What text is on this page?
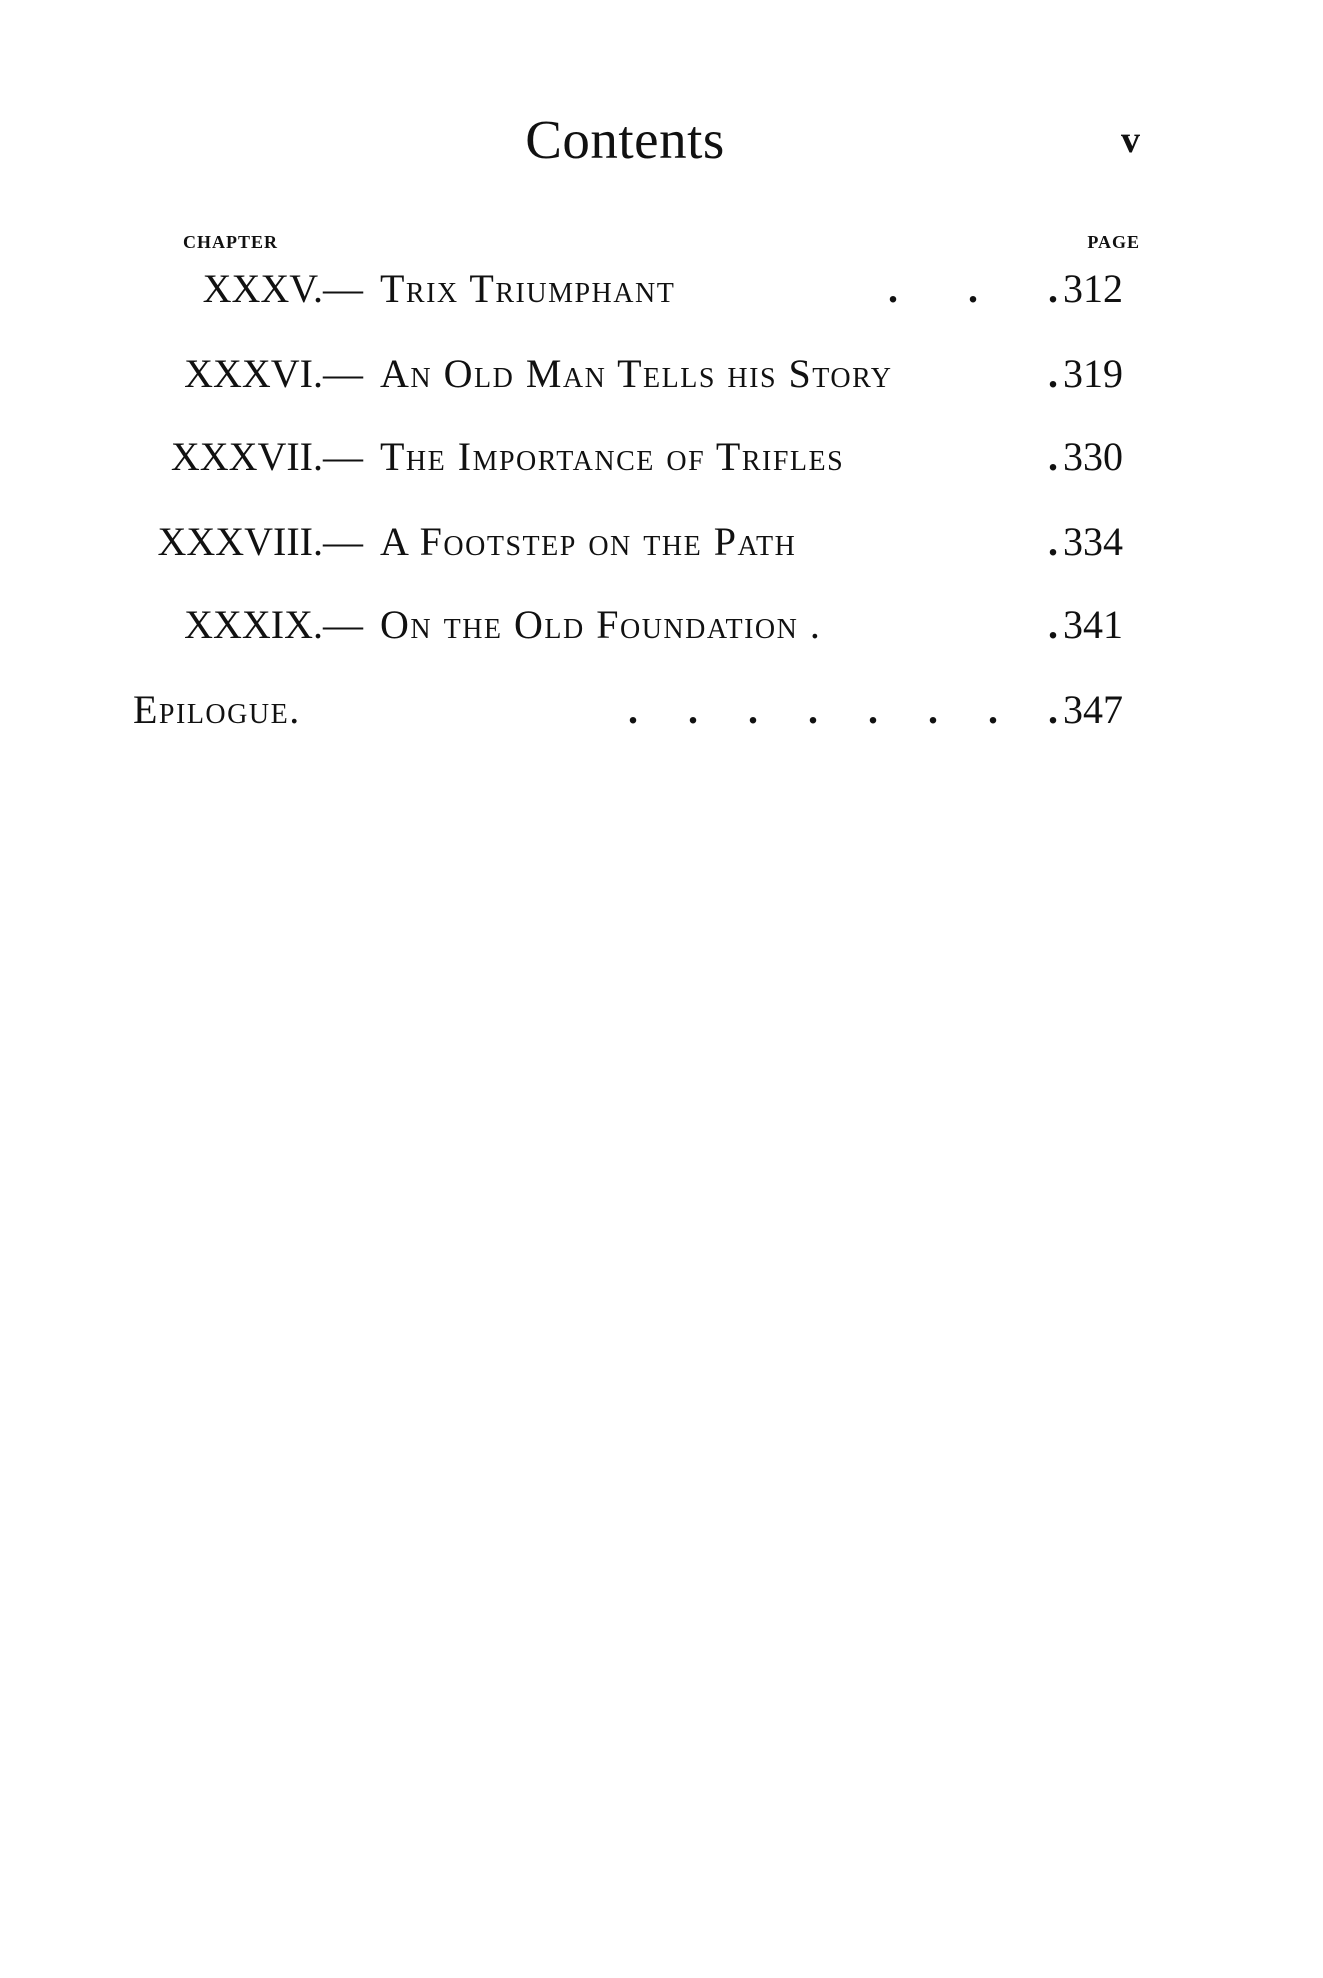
Contents	v
CHAPTER	PAGE
XXXV. — Trix Triumphant	.       .       . 312
XXXVI. — An Old Man Tells his Story	. 319
XXXVII. — The Importance of Trifles	. 330
XXXVIII. — A Footstep on the Path	. 334
XXXIX. — On the Old Foundation .	. 341
Epilogue.	.     .     .     .     .     .     .     . 347
